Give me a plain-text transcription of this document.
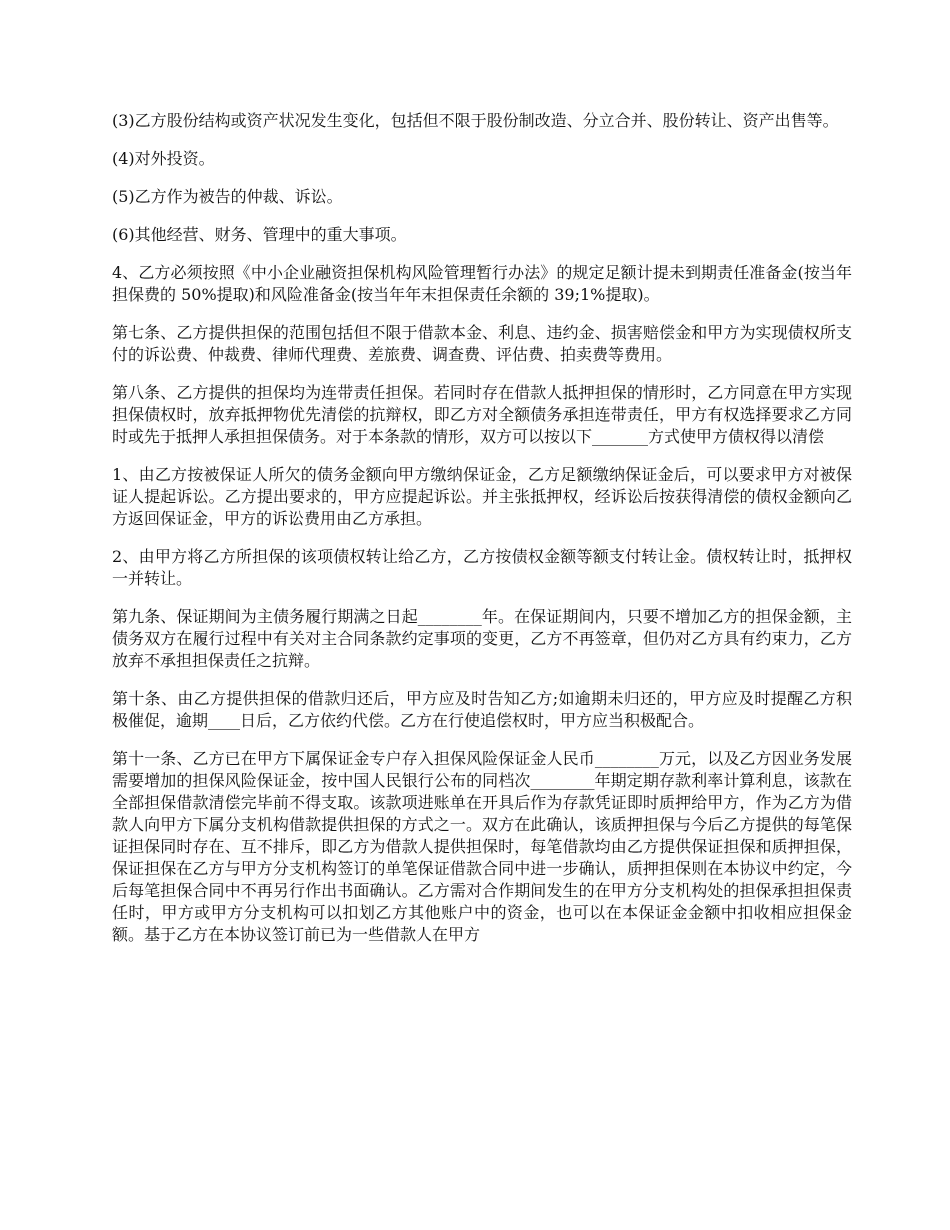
(3)乙方股份结构或资产状况发生变化，包括但不限于股份制改造、分立合并、股份转让、资产出售等。

(4)对外投资。

(5)乙方作为被告的仲裁、诉讼。

(6)其他经营、财务、管理中的重大事项。

4、乙方必须按照《中小企业融资担保机构风险管理暂行办法》的规定足额计提未到期责任准备金(按当年担保费的 50%提取)和风险准备金(按当年年末担保责任余额的 39;1%提取)。

第七条、乙方提供担保的范围包括但不限于借款本金、利息、违约金、损害赔偿金和甲方为实现债权所支付的诉讼费、仲裁费、律师代理费、差旅费、调查费、评估费、拍卖费等费用。

第八条、乙方提供的担保均为连带责任担保。若同时存在借款人抵押担保的情形时，乙方同意在甲方实现担保债权时，放弃抵押物优先清偿的抗辩权，即乙方对全额债务承担连带责任，甲方有权选择要求乙方同时或先于抵押人承担担保债务。对于本条款的情形，双方可以按以下_______方式使甲方债权得以清偿

1、由乙方按被保证人所欠的债务金额向甲方缴纳保证金，乙方足额缴纳保证金后，可以要求甲方对被保证人提起诉讼。乙方提出要求的，甲方应提起诉讼。并主张抵押权，经诉讼后按获得清偿的债权金额向乙方返回保证金，甲方的诉讼费用由乙方承担。

2、由甲方将乙方所担保的该项债权转让给乙方，乙方按债权金额等额支付转让金。债权转让时，抵押权一并转让。

第九条、保证期间为主债务履行期满之日起________年。在保证期间内，只要不增加乙方的担保金额，主债务双方在履行过程中有关对主合同条款约定事项的变更，乙方不再签章，但仍对乙方具有约束力，乙方放弃不承担担保责任之抗辩。

第十条、由乙方提供担保的借款归还后，甲方应及时告知乙方;如逾期未归还的，甲方应及时提醒乙方积极催促，逾期____日后，乙方依约代偿。乙方在行使追偿权时，甲方应当积极配合。

第十一条、乙方已在甲方下属保证金专户存入担保风险保证金人民币________万元，以及乙方因业务发展需要增加的担保风险保证金，按中国人民银行公布的同档次________年期定期存款利率计算利息，该款在全部担保借款清偿完毕前不得支取。该款项进账单在开具后作为存款凭证即时质押给甲方，作为乙方为借款人向甲方下属分支机构借款提供担保的方式之一。双方在此确认，该质押担保与今后乙方提供的每笔保证担保同时存在、互不排斥，即乙方为借款人提供担保时，每笔借款均由乙方提供保证担保和质押担保，保证担保在乙方与甲方分支机构签订的单笔保证借款合同中进一步确认，质押担保则在本协议中约定，今后每笔担保合同中不再另行作出书面确认。乙方需对合作期间发生的在甲方分支机构处的担保承担担保责任时，甲方或甲方分支机构可以扣划乙方其他账户中的资金，也可以在本保证金金额中扣收相应担保金额。基于乙方在本协议签订前已为一些借款人在甲方
